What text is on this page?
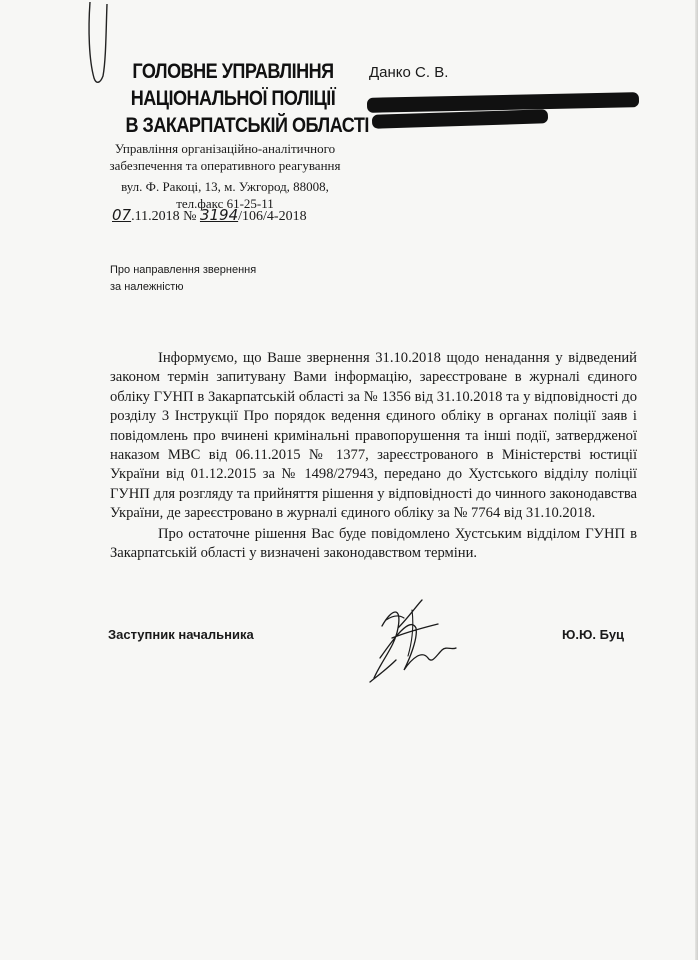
ГОЛОВНЕ УПРАВЛІННЯ
НАЦІОНАЛЬНОЇ ПОЛІЦІЇ
В ЗАКАРПАТСЬКІЙ ОБЛАСТІ
Управління організаційно-аналітичного
забезпечення та оперативного реагування
вул. Ф. Ракоці, 13, м. Ужгород, 88008,
тел.факс 61-25-11
07.11.2018 № 3194/106/4-2018
Данко С. В.
Про направлення звернення
за належністю

Інформуємо, що Ваше звернення 31.10.2018 щодо ненадання у відведений законом термін запитувану Вами інформацію, зареєстроване в журналі єдиного обліку ГУНП в Закарпатській області за № 1356 від 31.10.2018 та у відповідності до розділу 3 Інструкції Про порядок ведення єдиного обліку в органах поліції заяв і повідомлень про вчинені кримінальні правопорушення та інші події, затвердженої наказом МВС від 06.11.2015 № 1377, зареєстрованого в Міністерстві юстиції України від 01.12.2015 за № 1498/27943, передано до Хустського відділу поліції ГУНП для розгляду та прийняття рішення у відповідності до чинного законодавства України, де зареєстровано в журналі єдиного обліку за № 7764 від 31.10.2018.

Про остаточне рішення Вас буде повідомлено Хустським відділом ГУНП в Закарпатській області у визначені законодавством терміни.

Заступник начальника	Ю.Ю. Буц
